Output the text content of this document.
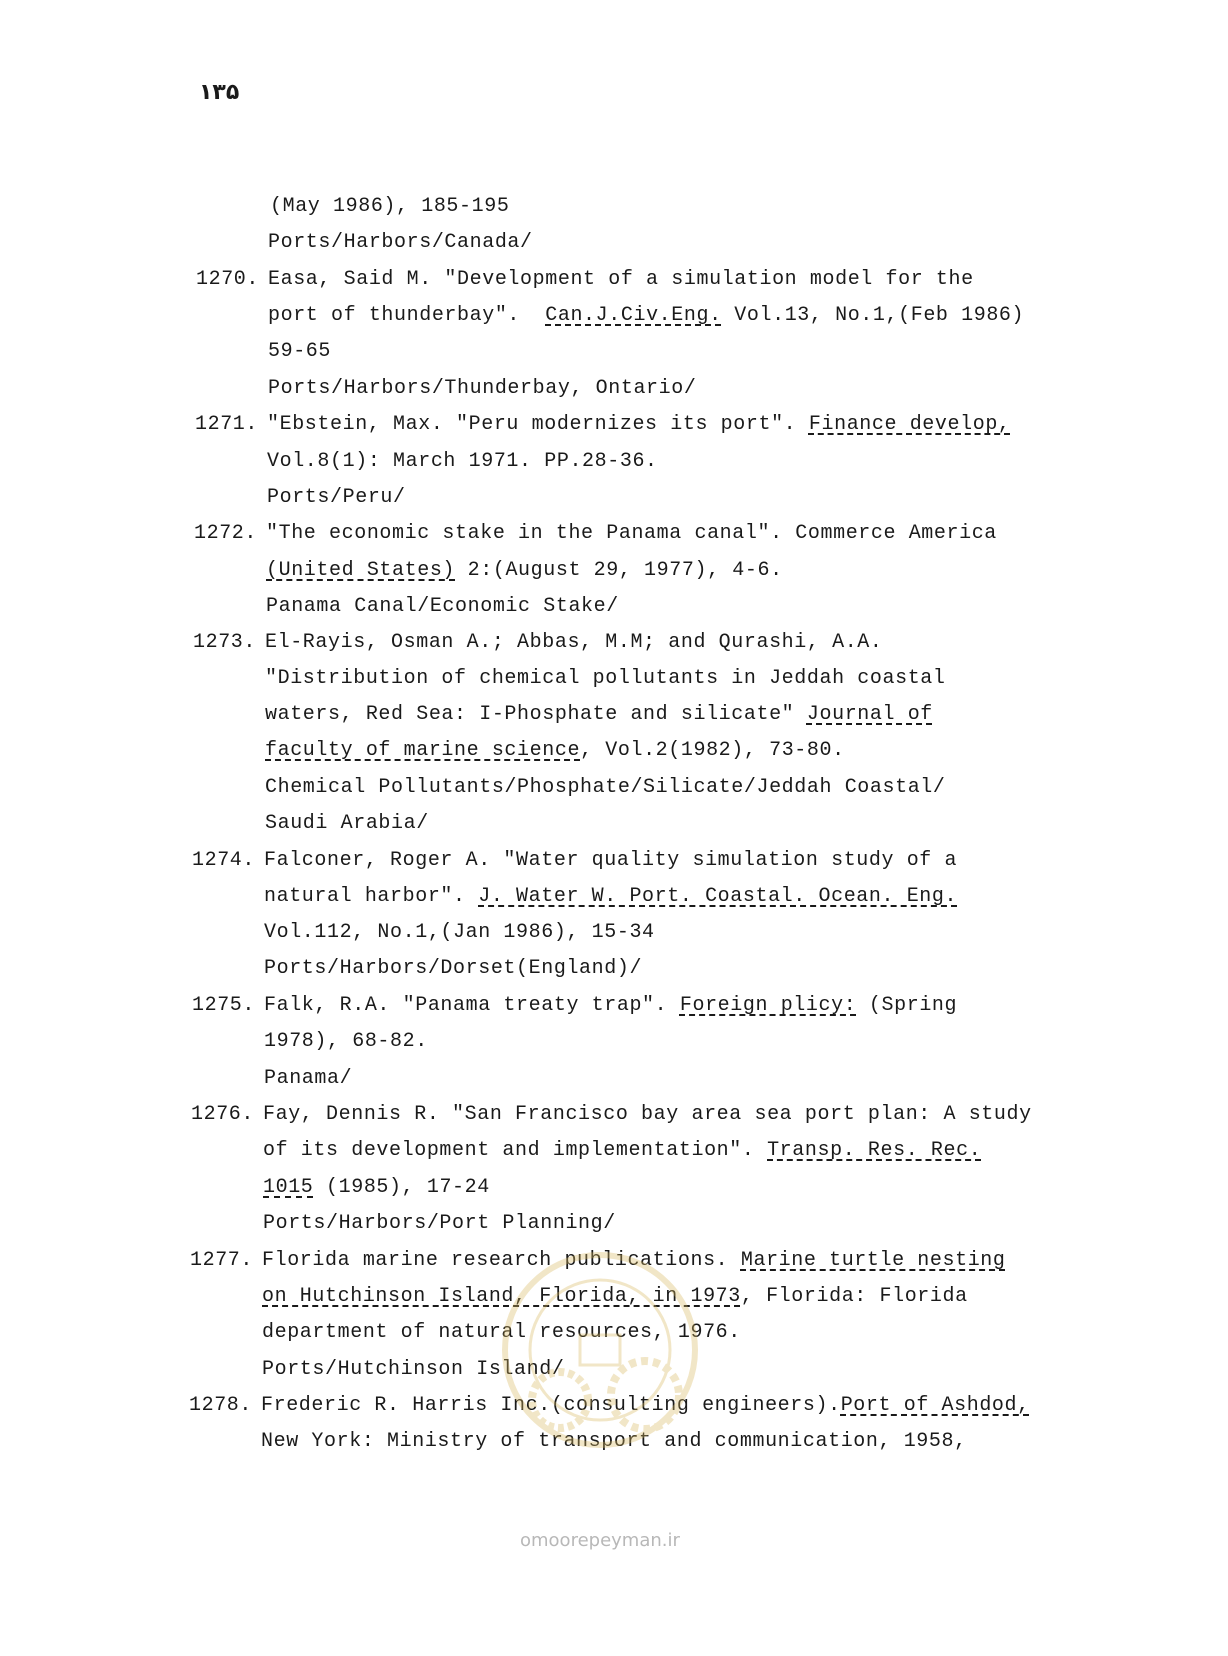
۱۳۵
(May 1986), 185-195
Ports/Harbors/Canada/
1270. Easa, Said M. "Development of a simulation model for the
port of thunderbay".  Can.J.Civ.Eng. Vol.13, No.1,(Feb 1986)
59-65
Ports/Harbors/Thunderbay, Ontario/
1271. "Ebstein, Max. "Peru modernizes its port". Finance develop,
Vol.8(1): March 1971. PP.28-36.
Ports/Peru/
1272. "The economic stake in the Panama canal". Commerce America
(United States) 2:(August 29, 1977), 4-6.
Panama Canal/Economic Stake/
1273. El-Rayis, Osman A.; Abbas, M.M; and Qurashi, A.A.
"Distribution of chemical pollutants in Jeddah coastal
waters, Red Sea: I-Phosphate and silicate" Journal of
faculty of marine science, Vol.2(1982), 73-80.
Chemical Pollutants/Phosphate/Silicate/Jeddah Coastal/
Saudi Arabia/
1274. Falconer, Roger A. "Water quality simulation study of a
natural harbor". J. Water W. Port. Coastal. Ocean. Eng.
Vol.112, No.1,(Jan 1986), 15-34
Ports/Harbors/Dorset(England)/
1275. Falk, R.A. "Panama treaty trap". Foreign plicy: (Spring
1978), 68-82.
Panama/
1276. Fay, Dennis R. "San Francisco bay area sea port plan: A study
of its development and implementation". Transp. Res. Rec.
1015 (1985), 17-24
Ports/Harbors/Port Planning/
1277. Florida marine research publications. Marine turtle nesting
on Hutchinson Island, Florida, in 1973, Florida: Florida
department of natural resources, 1976.
Ports/Hutchinson Island/
1278. Frederic R. Harris Inc.(consulting engineers).Port of Ashdod,
New York: Ministry of transport and communication, 1958,
omoorepeyman.ir
